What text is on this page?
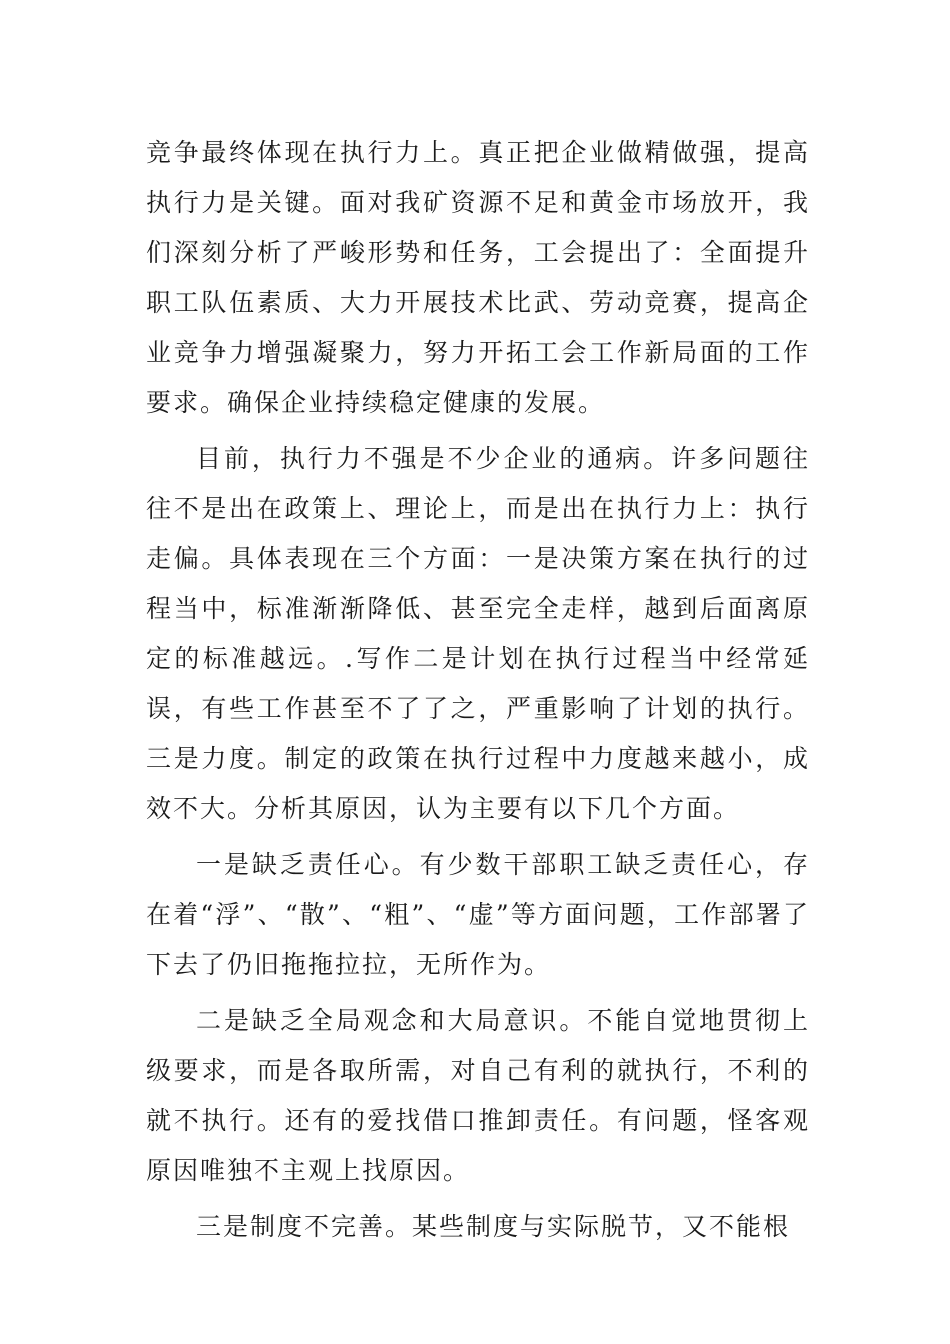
竞争最终体现在执行力上。真正把企业做精做强，提高执行力是关键。面对我矿资源不足和黄金市场放开，我们深刻分析了严峻形势和任务，工会提出了：全面提升职工队伍素质、大力开展技术比武、劳动竞赛，提高企业竞争力增强凝聚力，努力开拓工会工作新局面的工作要求。确保企业持续稳定健康的发展。

目前，执行力不强是不少企业的通病。许多问题往往不是出在政策上、理论上，而是出在执行力上：执行走偏。具体表现在三个方面：一是决策方案在执行的过程当中，标准渐渐降低、甚至完全走样，越到后面离原定的标准越远。.写作二是计划在执行过程当中经常延误，有些工作甚至不了了之，严重影响了计划的执行。三是力度。制定的政策在执行过程中力度越来越小，成效不大。分析其原因，认为主要有以下几个方面。

一是缺乏责任心。有少数干部职工缺乏责任心，存在着“浮”、“散”、“粗”、“虚”等方面问题，工作部署了下去了仍旧拖拖拉拉，无所作为。

二是缺乏全局观念和大局意识。不能自觉地贯彻上级要求，而是各取所需，对自己有利的就执行，不利的就不执行。还有的爱找借口推卸责任。有问题，怪客观原因唯独不主观上找原因。

三是制度不完善。某些制度与实际脱节，又不能根
